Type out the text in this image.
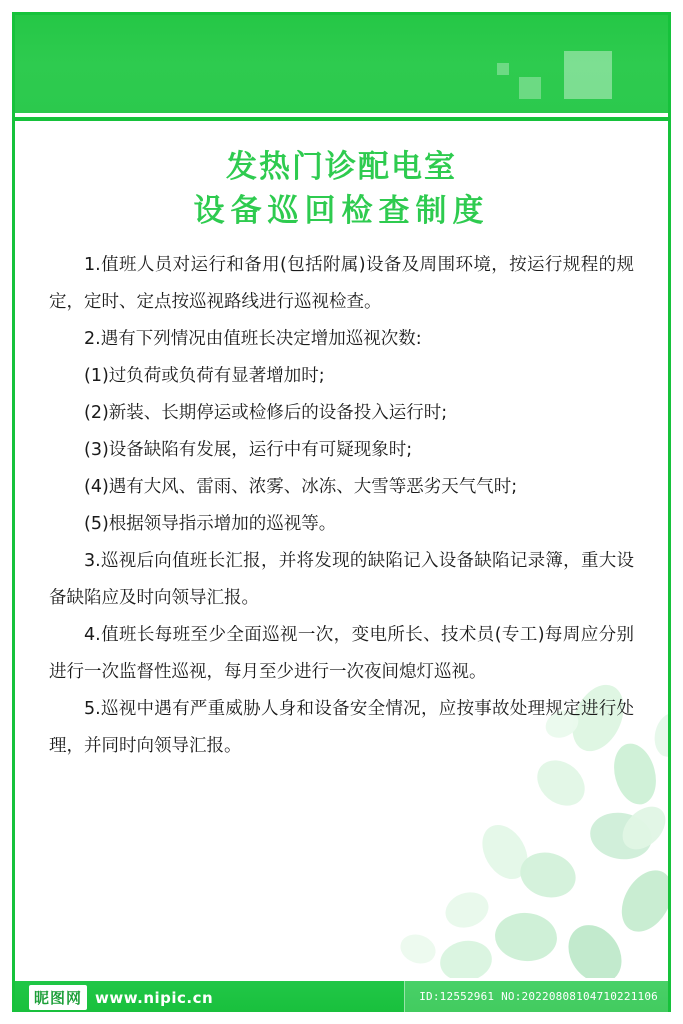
发热门诊配电室
设备巡回检查制度

1.值班人员对运行和备用(包括附属)设备及周围环境，按运行规程的规定，定时、定点按巡视路线进行巡视检查。

2.遇有下列情况由值班长决定增加巡视次数:

(1)过负荷或负荷有显著增加时;

(2)新装、长期停运或检修后的设备投入运行时;

(3)设备缺陷有发展，运行中有可疑现象时;

(4)遇有大风、雷雨、浓雾、冰冻、大雪等恶劣天气气时;

(5)根据领导指示增加的巡视等。

3.巡视后向值班长汇报，并将发现的缺陷记入设备缺陷记录簿，重大设备缺陷应及时向领导汇报。

4.值班长每班至少全面巡视一次，变电所长、技术员(专工)每周应分别进行一次监督性巡视，每月至少进行一次夜间熄灯巡视。

5.巡视中遇有严重威胁人身和设备安全情况，应按事故处理规定进行处理，并同时向领导汇报。

昵图网 www.nipic.cn	ID:12552961 NO:20220808104710221106
